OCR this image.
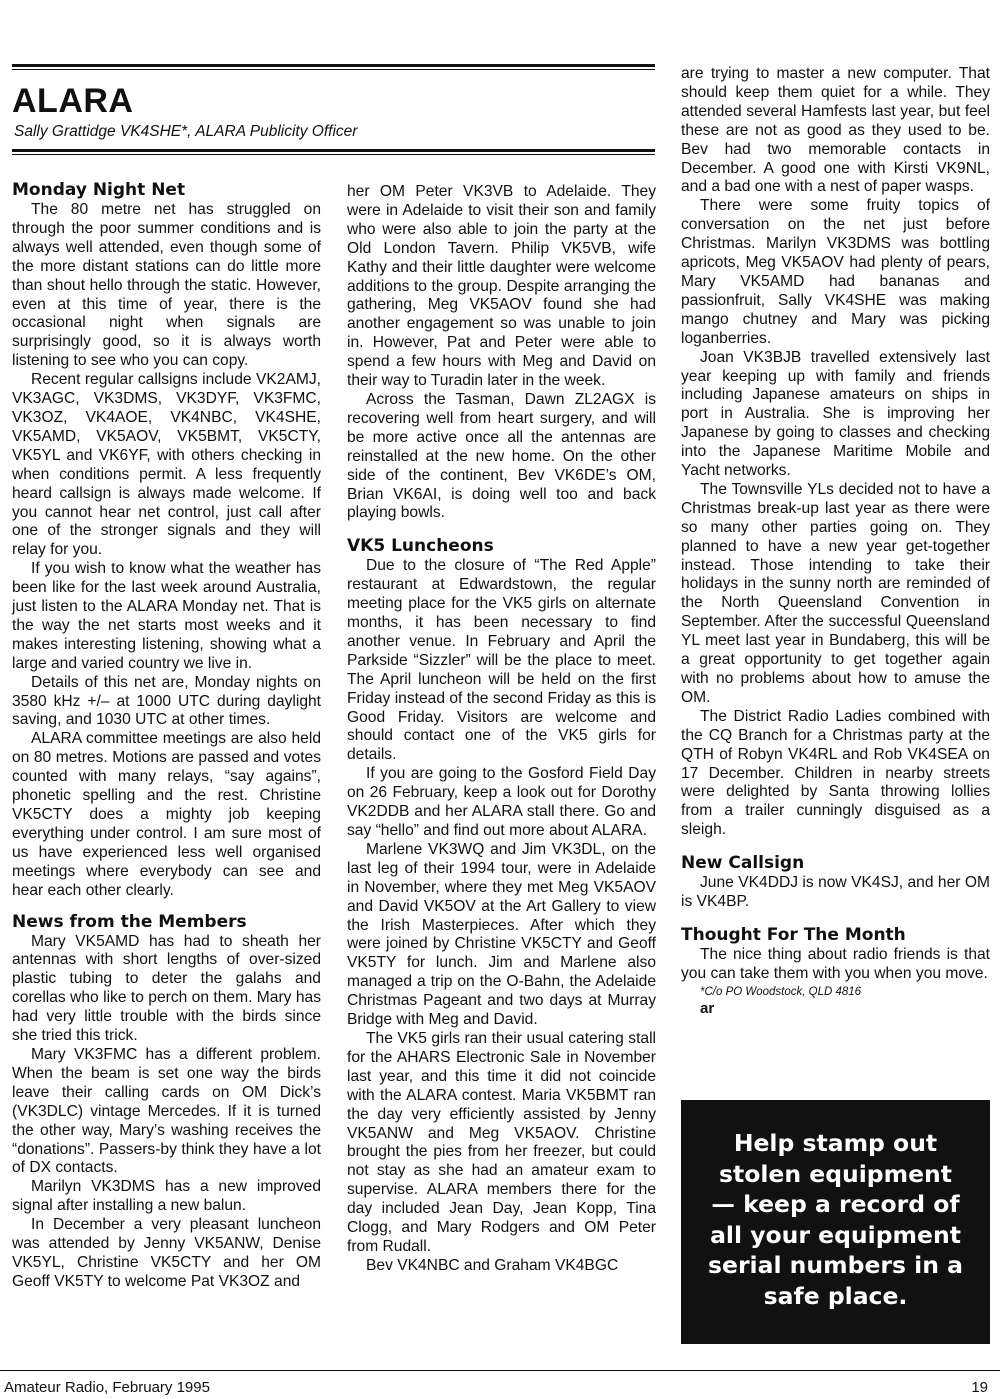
ALARA

Sally Grattidge VK4SHE*, ALARA Publicity Officer

Monday Night Net

The 80 metre net has struggled on through the poor summer conditions and is always well attended, even though some of the more distant stations can do little more than shout hello through the static. However, even at this time of year, there is the occasional night when signals are surprisingly good, so it is always worth listening to see who you can copy.

Recent regular callsigns include VK2AMJ, VK3AGC, VK3DMS, VK3DYF, VK3FMC, VK3OZ, VK4AOE, VK4NBC, VK4SHE, VK5AMD, VK5AOV, VK5BMT, VK5CTY, VK5YL and VK6YF, with others checking in when conditions permit. A less frequently heard callsign is always made welcome. If you cannot hear net control, just call after one of the stronger signals and they will relay for you.

If you wish to know what the weather has been like for the last week around Australia, just listen to the ALARA Monday net. That is the way the net starts most weeks and it makes interesting listening, showing what a large and varied country we live in.

Details of this net are, Monday nights on 3580 kHz +/– at 1000 UTC during daylight saving, and 1030 UTC at other times.

ALARA committee meetings are also held on 80 metres. Motions are passed and votes counted with many relays, “say agains”, phonetic spelling and the rest. Christine VK5CTY does a mighty job keeping everything under control. I am sure most of us have experienced less well organised meetings where everybody can see and hear each other clearly.

News from the Members

Mary VK5AMD has had to sheath her antennas with short lengths of over-sized plastic tubing to deter the galahs and corellas who like to perch on them. Mary has had very little trouble with the birds since she tried this trick.

Mary VK3FMC has a different problem. When the beam is set one way the birds leave their calling cards on OM Dick’s (VK3DLC) vintage Mercedes. If it is turned the other way, Mary’s washing receives the “donations”. Passers-by think they have a lot of DX contacts.

Marilyn VK3DMS has a new improved signal after installing a new balun.

In December a very pleasant luncheon was attended by Jenny VK5ANW, Denise VK5YL, Christine VK5CTY and her OM Geoff VK5TY to welcome Pat VK3OZ and

her OM Peter VK3VB to Adelaide. They were in Adelaide to visit their son and family who were also able to join the party at the Old London Tavern. Philip VK5VB, wife Kathy and their little daughter were welcome additions to the group. Despite arranging the gathering, Meg VK5AOV found she had another engagement so was unable to join in. However, Pat and Peter were able to spend a few hours with Meg and David on their way to Turadin later in the week.

Across the Tasman, Dawn ZL2AGX is recovering well from heart surgery, and will be more active once all the antennas are reinstalled at the new home. On the other side of the continent, Bev VK6DE’s OM, Brian VK6AI, is doing well too and back playing bowls.

VK5 Luncheons

Due to the closure of “The Red Apple” restaurant at Edwardstown, the regular meeting place for the VK5 girls on alternate months, it has been necessary to find another venue. In February and April the Parkside “Sizzler” will be the place to meet. The April luncheon will be held on the first Friday instead of the second Friday as this is Good Friday. Visitors are welcome and should contact one of the VK5 girls for details.

If you are going to the Gosford Field Day on 26 February, keep a look out for Dorothy VK2DDB and her ALARA stall there. Go and say “hello” and find out more about ALARA.

Marlene VK3WQ and Jim VK3DL, on the last leg of their 1994 tour, were in Adelaide in November, where they met Meg VK5AOV and David VK5OV at the Art Gallery to view the Irish Masterpieces. After which they were joined by Christine VK5CTY and Geoff VK5TY for lunch. Jim and Marlene also managed a trip on the O-Bahn, the Adelaide Christmas Pageant and two days at Murray Bridge with Meg and David.

The VK5 girls ran their usual catering stall for the AHARS Electronic Sale in November last year, and this time it did not coincide with the ALARA contest. Maria VK5BMT ran the day very efficiently assisted by Jenny VK5ANW and Meg VK5AOV. Christine brought the pies from her freezer, but could not stay as she had an amateur exam to supervise. ALARA members there for the day included Jean Day, Jean Kopp, Tina Clogg, and Mary Rodgers and OM Peter from Rudall.

Bev VK4NBC and Graham VK4BGC

are trying to master a new computer. That should keep them quiet for a while. They attended several Hamfests last year, but feel these are not as good as they used to be. Bev had two memorable contacts in December. A good one with Kirsti VK9NL, and a bad one with a nest of paper wasps.

There were some fruity topics of conversation on the net just before Christmas. Marilyn VK3DMS was bottling apricots, Meg VK5AOV had plenty of pears, Mary VK5AMD had bananas and passionfruit, Sally VK4SHE was making mango chutney and Mary was picking loganberries.

Joan VK3BJB travelled extensively last year keeping up with family and friends including Japanese amateurs on ships in port in Australia. She is improving her Japanese by going to classes and checking into the Japanese Maritime Mobile and Yacht networks.

The Townsville YLs decided not to have a Christmas break-up last year as there were so many other parties going on. They planned to have a new year get-together instead. Those intending to take their holidays in the sunny north are reminded of the North Queensland Convention in September. After the successful Queensland YL meet last year in Bundaberg, this will be a great opportunity to get together again with no problems about how to amuse the OM.

The District Radio Ladies combined with the CQ Branch for a Christmas party at the QTH of Robyn VK4RL and Rob VK4SEA on 17 December. Children in nearby streets were delighted by Santa throwing lollies from a trailer cunningly disguised as a sleigh.

New Callsign

June VK4DDJ is now VK4SJ, and her OM is VK4BP.

Thought For The Month

The nice thing about radio friends is that you can take them with you when you move.

*C/o PO Woodstock, QLD 4816

ar

Help stamp out
stolen equipment
— keep a record of
all your equipment
serial numbers in a
safe place.

Amateur Radio, February 1995	19
